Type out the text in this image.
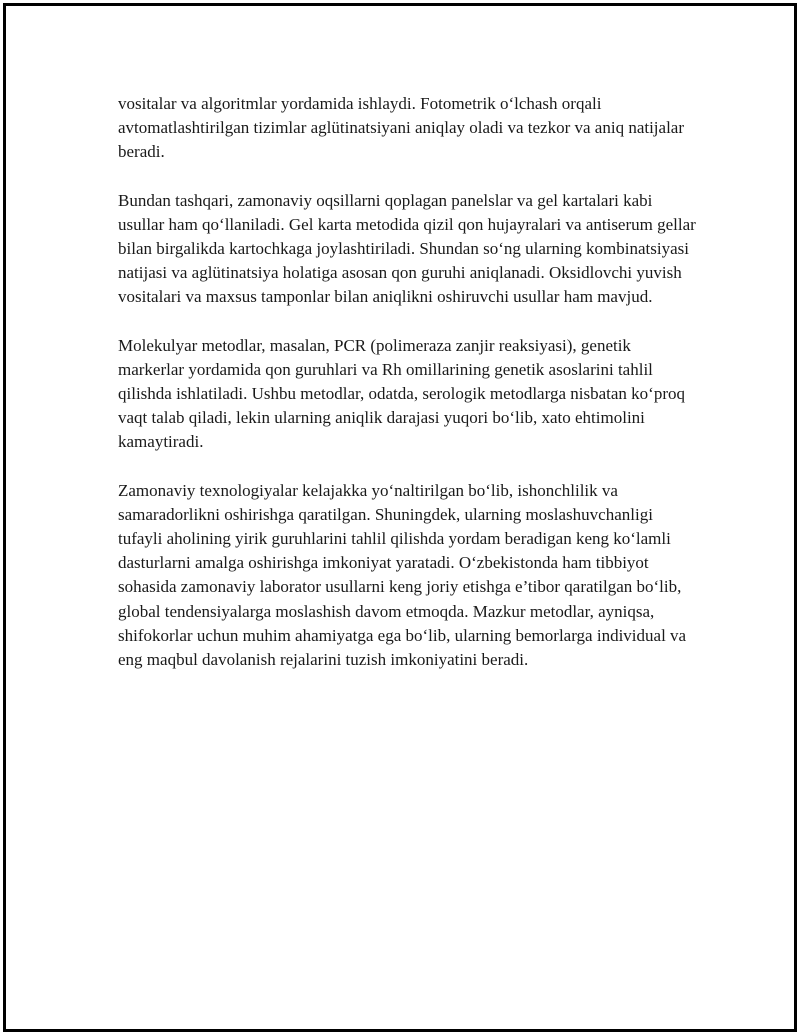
vositalar va algoritmlar yordamida ishlaydi. Fotometrik o‘lchash orqali avtomatlashtirilgan tizimlar aglütinatsiyani aniqlay oladi va tezkor va aniq natijalar beradi.

Bundan tashqari, zamonaviy oqsillarni qoplagan panelslar va gel kartalari kabi usullar ham qo‘llaniladi. Gel karta metodida qizil qon hujayralari va antiserum gellar bilan birgalikda kartochkaga joylashtiriladi. Shundan so‘ng ularning kombinatsiyasi natijasi va aglütinatsiya holatiga asosan qon guruhi aniqlanadi. Oksidlovchi yuvish vositalari va maxsus tamponlar bilan aniqlikni oshiruvchi usullar ham mavjud.

Molekulyar metodlar, masalan, PCR (polimeraza zanjir reaksiyasi), genetik markerlar yordamida qon guruhlari va Rh omillarining genetik asoslarini tahlil qilishda ishlatiladi. Ushbu metodlar, odatda, serologik metodlarga nisbatan ko‘proq vaqt talab qiladi, lekin ularning aniqlik darajasi yuqori bo‘lib, xato ehtimolini kamaytiradi.

Zamonaviy texnologiyalar kelajakka yo‘naltirilgan bo‘lib, ishonchlilik va samaradorlikni oshirishga qaratilgan. Shuningdek, ularning moslashuvchanligi tufayli aholining yirik guruhlarini tahlil qilishda yordam beradigan keng ko‘lamli dasturlarni amalga oshirishga imkoniyat yaratadi. O‘zbekistonda ham tibbiyot sohasida zamonaviy laborator usullarni keng joriy etishga e’tibor qaratilgan bo‘lib, global tendensiyalarga moslashish davom etmoqda. Mazkur metodlar, ayniqsa, shifokorlar uchun muhim ahamiyatga ega bo‘lib, ularning bemorlarga individual va eng maqbul davolanish rejalarini tuzish imkoniyatini beradi.
